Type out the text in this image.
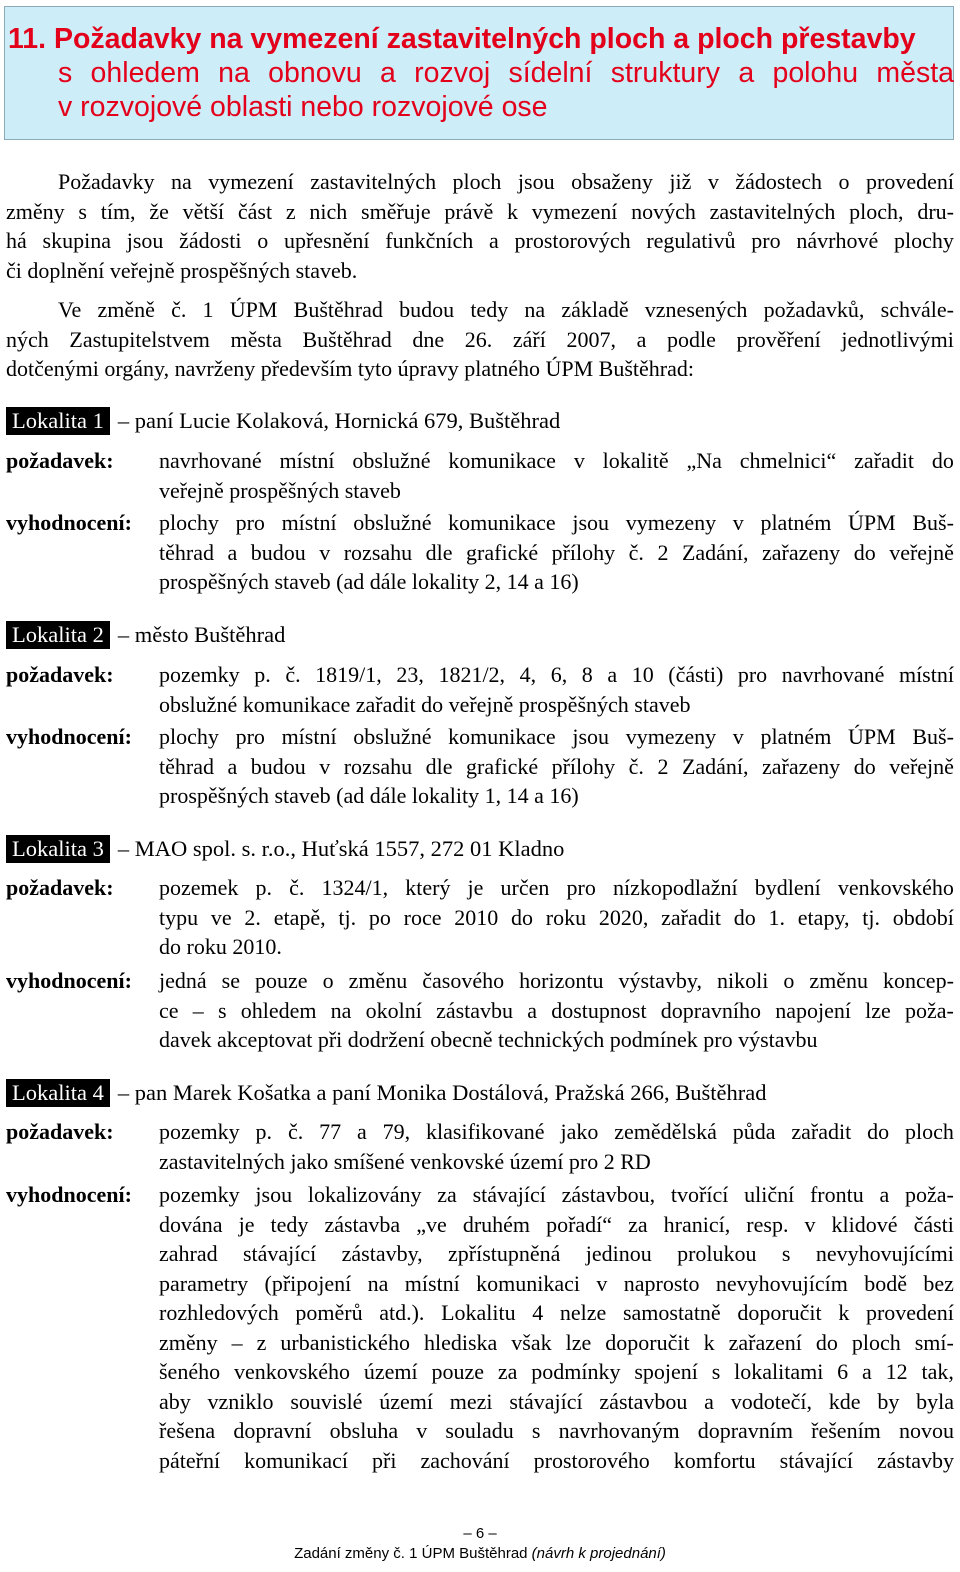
11. Požadavky na vymezení zastavitelných ploch a ploch přestavby
s ohledem na obnovu a rozvoj sídelní struktury a polohu města
v rozvojové oblasti nebo rozvojové ose
Požadavky na vymezení zastavitelných ploch jsou obsaženy již v žádostech o provedení
změny s tím, že větší část z nich směřuje právě k vymezení nových zastavitelných ploch, dru-
há skupina jsou žádosti o upřesnění funkčních a prostorových regulativů pro návrhové plochy
či doplnění veřejně prospěšných staveb.
Ve změně č. 1 ÚPM Buštěhrad budou tedy na základě vznesených požadavků, schvále-
ných Zastupitelstvem města Buštěhrad dne 26. září 2007, a podle prověření jednotlivými
dotčenými orgány, navrženy především tyto úpravy platného ÚPM Buštěhrad:
Lokalita 1 – paní Lucie Kolaková, Hornická 679, Buštěhrad
požadavek: navrhované místní obslužné komunikace v lokalitě „Na chmelnici“ zařadit do
veřejně prospěšných staveb
vyhodnocení: plochy pro místní obslužné komunikace jsou vymezeny v platném ÚPM Buš-
těhrad a budou v rozsahu dle grafické přílohy č. 2 Zadání, zařazeny do veřejně
prospěšných staveb (ad dále lokality 2, 14 a 16)
Lokalita 2 – město Buštěhrad
požadavek: pozemky p. č. 1819/1, 23, 1821/2, 4, 6, 8 a 10 (části) pro navrhované místní
obslužné komunikace zařadit do veřejně prospěšných staveb
vyhodnocení: plochy pro místní obslužné komunikace jsou vymezeny v platném ÚPM Buš-
těhrad a budou v rozsahu dle grafické přílohy č. 2 Zadání, zařazeny do veřejně
prospěšných staveb (ad dále lokality 1, 14 a 16)
Lokalita 3 – MAO spol. s. r.o., Huťská 1557, 272 01 Kladno
požadavek: pozemek p. č. 1324/1, který je určen pro nízkopodlažní bydlení venkovského
typu ve 2. etapě, tj. po roce 2010 do roku 2020, zařadit do 1. etapy, tj. období
do roku 2010.
vyhodnocení: jedná se pouze o změnu časového horizontu výstavby, nikoli o změnu koncep-
ce – s ohledem na okolní zástavbu a dostupnost dopravního napojení lze poža-
davek akceptovat při dodržení obecně technických podmínek pro výstavbu
Lokalita 4 – pan Marek Košatka a paní Monika Dostálová, Pražská 266, Buštěhrad
požadavek: pozemky p. č. 77 a 79, klasifikované jako zemědělská půda zařadit do ploch
zastavitelných jako smíšené venkovské území pro 2 RD
vyhodnocení: pozemky jsou lokalizovány za stávající zástavbou, tvořící uliční frontu a poža-
dována je tedy zástavba „ve druhém pořadí“ za hranicí, resp. v klidové části
zahrad stávající zástavby, zpřístupněná jedinou prolukou s nevyhovujícími
parametry (připojení na místní komunikaci v naprosto nevyhovujícím bodě bez
rozhledových poměrů atd.). Lokalitu 4 nelze samostatně doporučit k provedení
změny – z urbanistického hlediska však lze doporučit k zařazení do ploch smí-
šeného venkovského území pouze za podmínky spojení s lokalitami 6 a 12 tak,
aby vzniklo souvislé území mezi stávající zástavbou a vodotečí, kde by byla
řešena dopravní obsluha v souladu s navrhovaným dopravním řešením novou
páteřní komunikací při zachování prostorového komfortu stávající zástavby
– 6 –
Zadání změny č. 1 ÚPM Buštěhrad (návrh k projednání)
